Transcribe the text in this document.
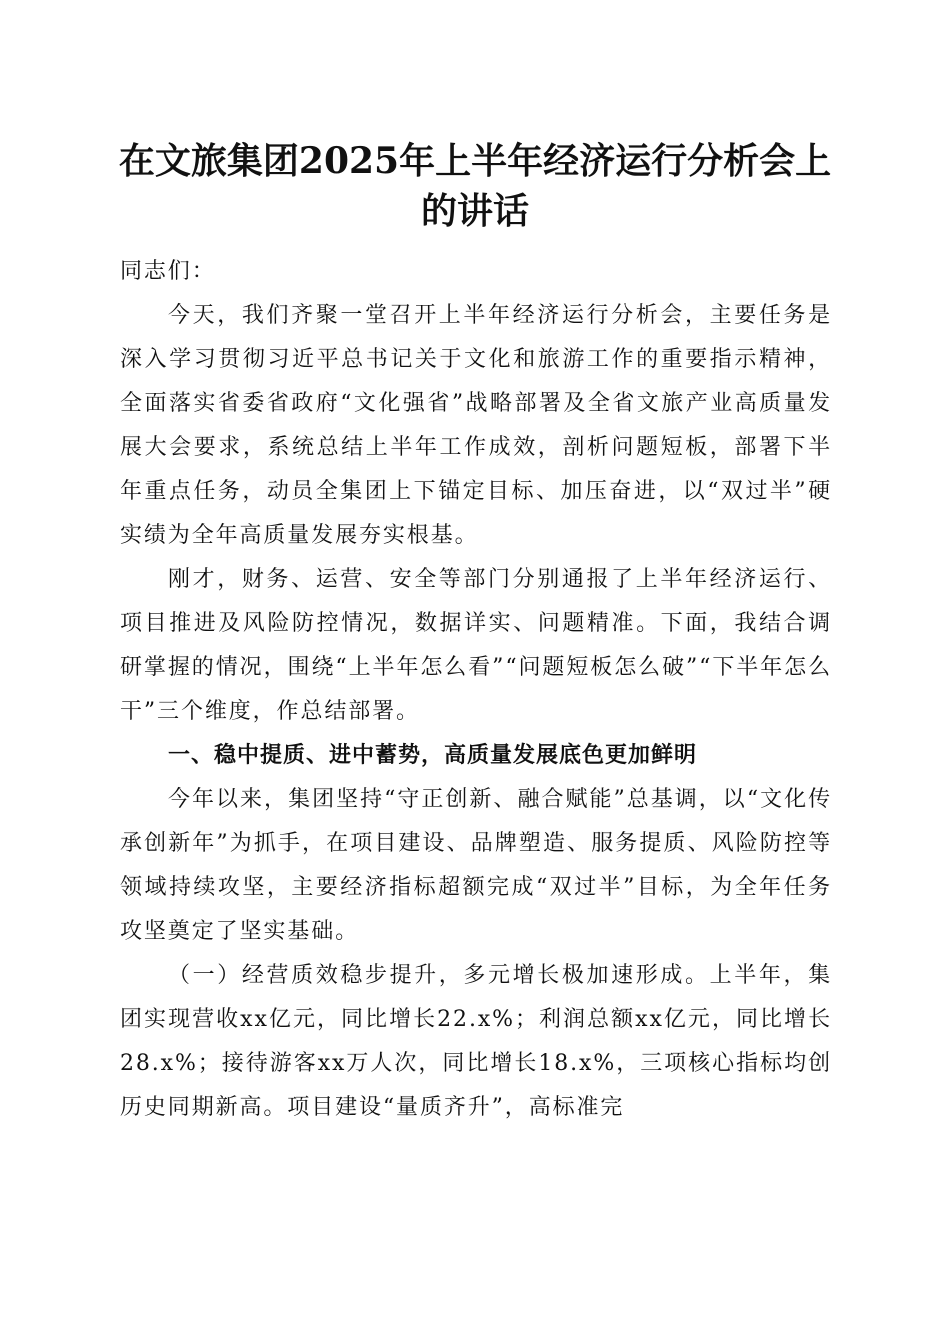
在文旅集团2025年上半年经济运行分析会上的讲话

同志们：

今天，我们齐聚一堂召开上半年经济运行分析会，主要任务是深入学习贯彻习近平总书记关于文化和旅游工作的重要指示精神，全面落实省委省政府“文化强省”战略部署及全省文旅产业高质量发展大会要求，系统总结上半年工作成效，剖析问题短板，部署下半年重点任务，动员全集团上下锚定目标、加压奋进，以“双过半”硬实绩为全年高质量发展夯实根基。

刚才，财务、运营、安全等部门分别通报了上半年经济运行、项目推进及风险防控情况，数据详实、问题精准。下面，我结合调研掌握的情况，围绕“上半年怎么看”“问题短板怎么破”“下半年怎么干”三个维度，作总结部署。

一、稳中提质、进中蓄势，高质量发展底色更加鲜明

今年以来，集团坚持“守正创新、融合赋能”总基调，以“文化传承创新年”为抓手，在项目建设、品牌塑造、服务提质、风险防控等领域持续攻坚，主要经济指标超额完成“双过半”目标，为全年任务攻坚奠定了坚实基础。

（一）经营质效稳步提升，多元增长极加速形成。上半年，集团实现营收xx亿元，同比增长22.x%；利润总额xx亿元，同比增长28.x%；接待游客xx万人次，同比增长18.x%，三项核心指标均创历史同期新高。项目建设“量质齐升”，高标准完
